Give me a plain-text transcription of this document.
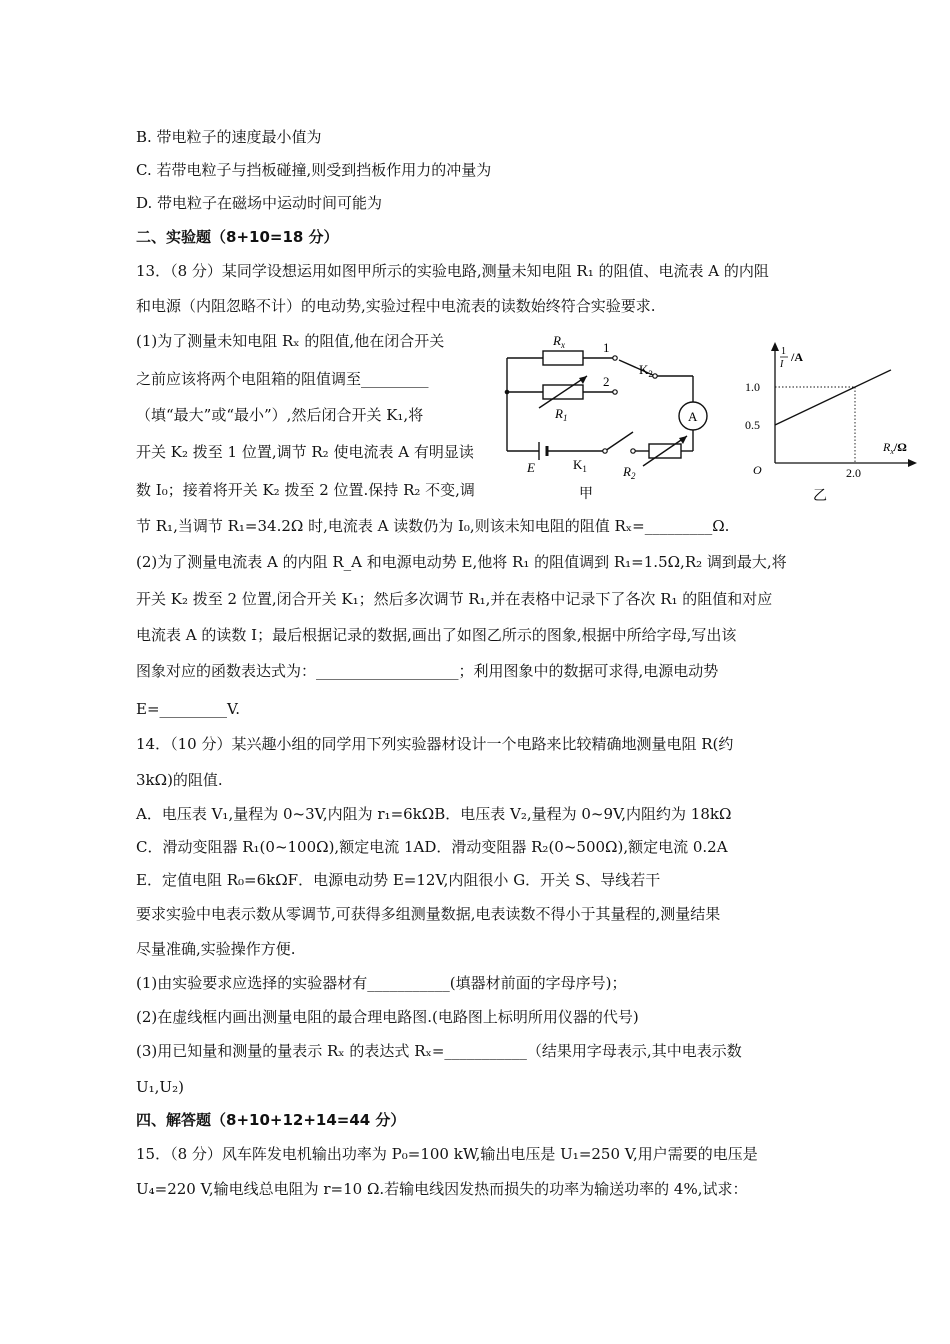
B. 带电粒子的速度最小值为
C. 若带电粒子与挡板碰撞,则受到挡板作用力的冲量为
D. 带电粒子在磁场中运动时间可能为
二、实验题（8+10=18 分）
13．（8 分）某同学设想运用如图甲所示的实验电路,测量未知电阻 R₁ 的阻值、电流表 A 的内阻
和电源（内阻忽略不计）的电动势,实验过程中电流表的读数始终符合实验要求.
(1)为了测量未知电阻 Rₓ 的阻值,他在闭合开关
之前应该将两个电阻箱的阻值调至_________
（填“最大”或“最小”）,然后闭合开关 K₁,将
开关 K₂ 拨至 1 位置,调节 R₂ 使电流表 A 有明显读
数 I₀；接着将开关 K₂ 拨至 2 位置.保持 R₂ 不变,调
节 R₁,当调节 R₁=34.2Ω 时,电流表 A 读数仍为 I₀,则该未知电阻的阻值 Rₓ=_________Ω.
(2)为了测量电流表 A 的内阻 R_A 和电源电动势 E,他将 R₁ 的阻值调到 R₁=1.5Ω,R₂ 调到最大,将
开关 K₂ 拨至 2 位置,闭合开关 K₁；然后多次调节 R₁,并在表格中记录下了各次 R₁ 的阻值和对应
电流表 A 的读数 I；最后根据记录的数据,画出了如图乙所示的图象,根据中所给字母,写出该
图象对应的函数表达式为：___________________；利用图象中的数据可求得,电源电动势
E=_________V.
14．（10 分）某兴趣小组的同学用下列实验器材设计一个电路来比较精确地测量电阻 R(约
3kΩ)的阻值.
A．电压表 V₁,量程为 0~3V,内阻为 r₁=6kΩB．电压表 V₂,量程为 0~9V,内阻约为 18kΩ
C．滑动变阻器 R₁(0~100Ω),额定电流 1AD．滑动变阻器 R₂(0~500Ω),额定电流 0.2A
E．定值电阻 R₀=6kΩF．电源电动势 E=12V,内阻很小 G．开关 S、导线若干
要求实验中电表示数从零调节,可获得多组测量数据,电表读数不得小于其量程的,测量结果
尽量准确,实验操作方便.
(1)由实验要求应选择的实验器材有___________(填器材前面的字母序号)；
(2)在虚线框内画出测量电阻的最合理电路图.(电路图上标明所用仪器的代号)
(3)用已知量和测量的量表示 Rₓ 的表达式 Rₓ=___________（结果用字母表示,其中电表示数
U₁,U₂)
四、解答题（8+10+12+14=44 分）
15．（8 分）风车阵发电机输出功率为 P₀=100 kW,输出电压是 U₁=250 V,用户需要的电压是
U₄=220 V,输电线总电阻为 r=10 Ω.若输电线因发热而损失的功率为输送功率的 4%,试求：
$R_x$
$R_1$
$R_2$
1
2
$K_2$
$K_1$
E
A
甲
1
I
/A
$R_x/\Omega$
O
乙
0.5
1.0
2.0
